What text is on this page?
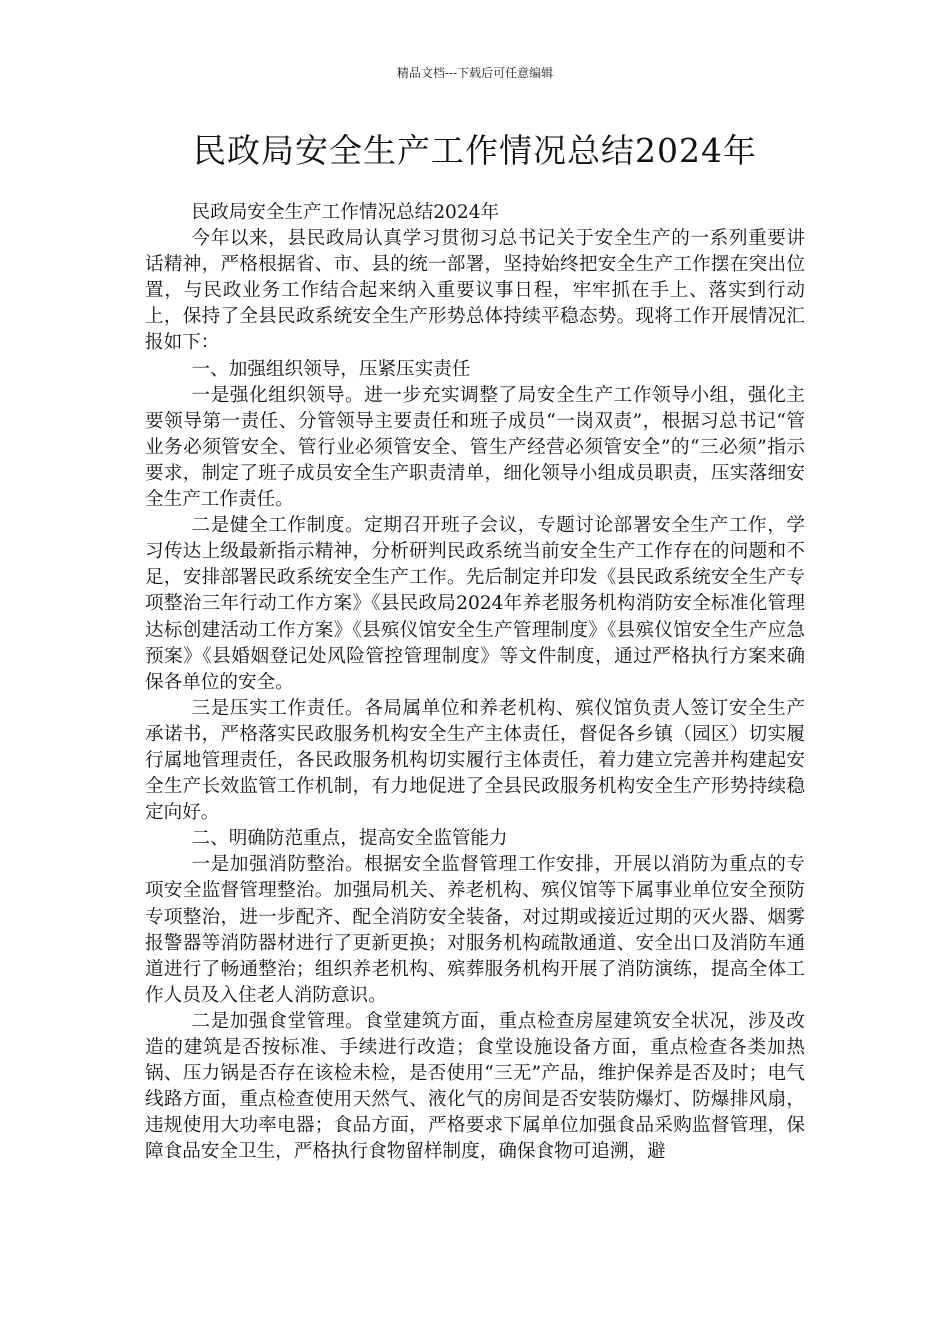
精品文档---下载后可任意编辑
民政局安全生产工作情况总结2024年

民政局安全生产工作情况总结2024年

今年以来，县民政局认真学习贯彻习总书记关于安全生产的一系列重要讲话精神，严格根据省、市、县的统一部署，坚持始终把安全生产工作摆在突出位置，与民政业务工作结合起来纳入重要议事日程，牢牢抓在手上、落实到行动上，保持了全县民政系统安全生产形势总体持续平稳态势。现将工作开展情况汇报如下：

一、加强组织领导，压紧压实责任

一是强化组织领导。进一步充实调整了局安全生产工作领导小组，强化主要领导第一责任、分管领导主要责任和班子成员“一岗双责”，根据习总书记“管业务必须管安全、管行业必须管安全、管生产经营必须管安全”的“三必须”指示要求，制定了班子成员安全生产职责清单，细化领导小组成员职责，压实落细安全生产工作责任。

二是健全工作制度。定期召开班子会议，专题讨论部署安全生产工作，学习传达上级最新指示精神，分析研判民政系统当前安全生产工作存在的问题和不足，安排部署民政系统安全生产工作。先后制定并印发《县民政系统安全生产专项整治三年行动工作方案》《县民政局2024年养老服务机构消防安全标准化管理达标创建活动工作方案》《县殡仪馆安全生产管理制度》《县殡仪馆安全生产应急预案》《县婚姻登记处风险管控管理制度》等文件制度，通过严格执行方案来确保各单位的安全。

三是压实工作责任。各局属单位和养老机构、殡仪馆负责人签订安全生产承诺书，严格落实民政服务机构安全生产主体责任，督促各乡镇（园区）切实履行属地管理责任，各民政服务机构切实履行主体责任，着力建立完善并构建起安全生产长效监管工作机制，有力地促进了全县民政服务机构安全生产形势持续稳定向好。

二、明确防范重点，提高安全监管能力

一是加强消防整治。根据安全监督管理工作安排，开展以消防为重点的专项安全监督管理整治。加强局机关、养老机构、殡仪馆等下属事业单位安全预防专项整治，进一步配齐、配全消防安全装备，对过期或接近过期的灭火器、烟雾报警器等消防器材进行了更新更换；对服务机构疏散通道、安全出口及消防车通道进行了畅通整治；组织养老机构、殡葬服务机构开展了消防演练，提高全体工作人员及入住老人消防意识。

二是加强食堂管理。食堂建筑方面，重点检查房屋建筑安全状况，涉及改造的建筑是否按标准、手续进行改造；食堂设施设备方面，重点检查各类加热锅、压力锅是否存在该检未检，是否使用“三无”产品，维护保养是否及时；电气线路方面，重点检查使用天然气、液化气的房间是否安装防爆灯、防爆排风扇，违规使用大功率电器；食品方面，严格要求下属单位加强食品采购监督管理，保障食品安全卫生，严格执行食物留样制度，确保食物可追溯，避
